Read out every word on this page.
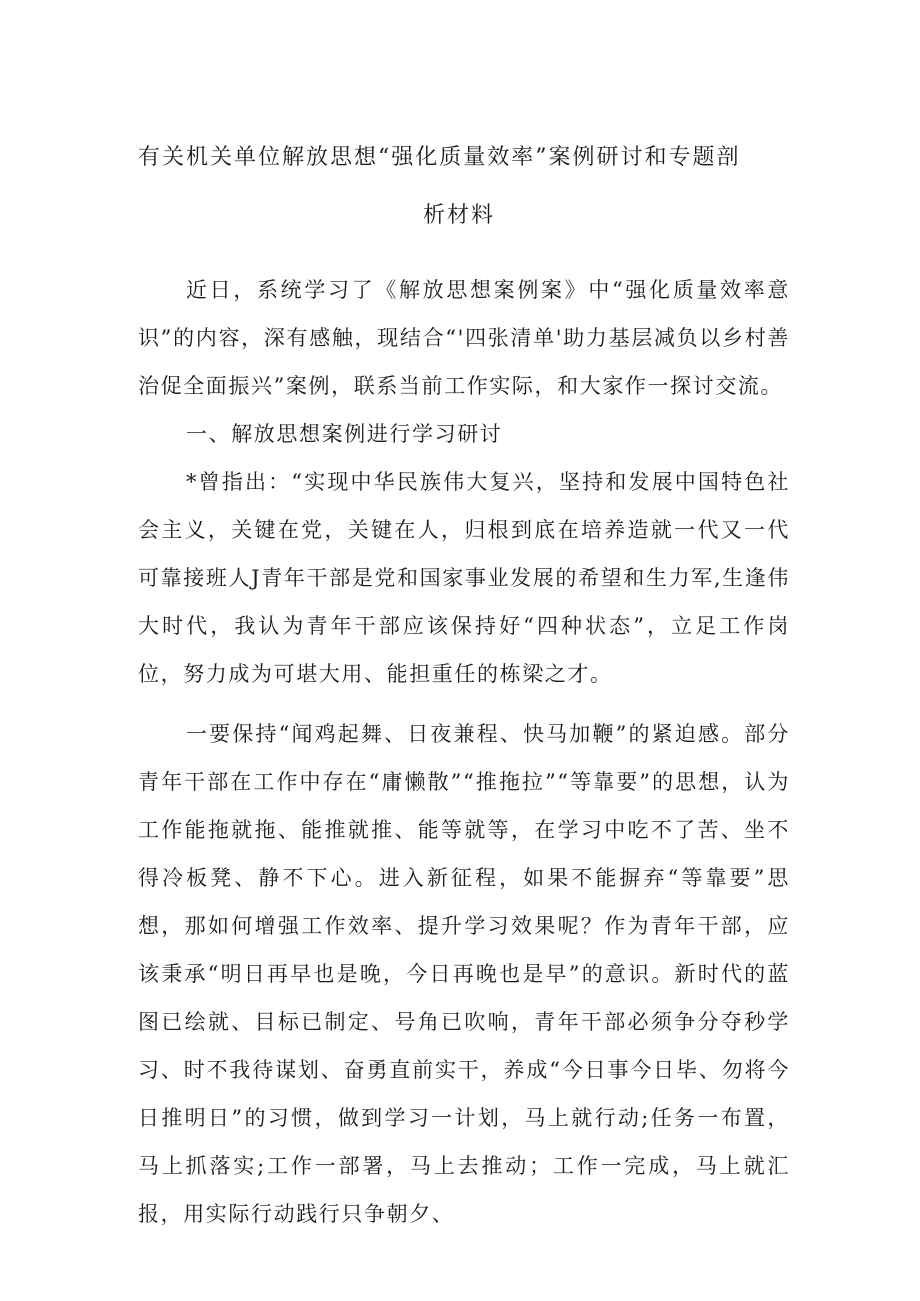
有关机关单位解放思想“强化质量效率”案例研讨和专题剖
析材料

近日，系统学习了《解放思想案例案》中“强化质量效率意识”的内容，深有感触，现结合“'四张清单'助力基层减负以乡村善治促全面振兴”案例，联系当前工作实际，和大家作一探讨交流。

一、解放思想案例进行学习研讨

*曾指出：“实现中华民族伟大复兴，坚持和发展中国特色社会主义，关键在党，关键在人，归根到底在培养造就一代又一代可靠接班人J青年干部是党和国家事业发展的希望和生力军,生逢伟大时代，我认为青年干部应该保持好“四种状态”，立足工作岗位，努力成为可堪大用、能担重任的栋梁之才。

一要保持“闻鸡起舞、日夜兼程、快马加鞭”的紧迫感。部分青年干部在工作中存在“庸懒散”“推拖拉”“等靠要”的思想，认为工作能拖就拖、能推就推、能等就等，在学习中吃不了苦、坐不得冷板凳、静不下心。进入新征程，如果不能摒弃“等靠要”思想，那如何增强工作效率、提升学习效果呢？作为青年干部，应该秉承“明日再早也是晚，今日再晚也是早”的意识。新时代的蓝图已绘就、目标已制定、号角已吹响，青年干部必须争分夺秒学习、时不我待谋划、奋勇直前实干，养成“今日事今日毕、勿将今日推明日”的习惯，做到学习一计划，马上就行动;任务一布置，马上抓落实;工作一部署，马上去推动；工作一完成，马上就汇报，用实际行动践行只争朝夕、
